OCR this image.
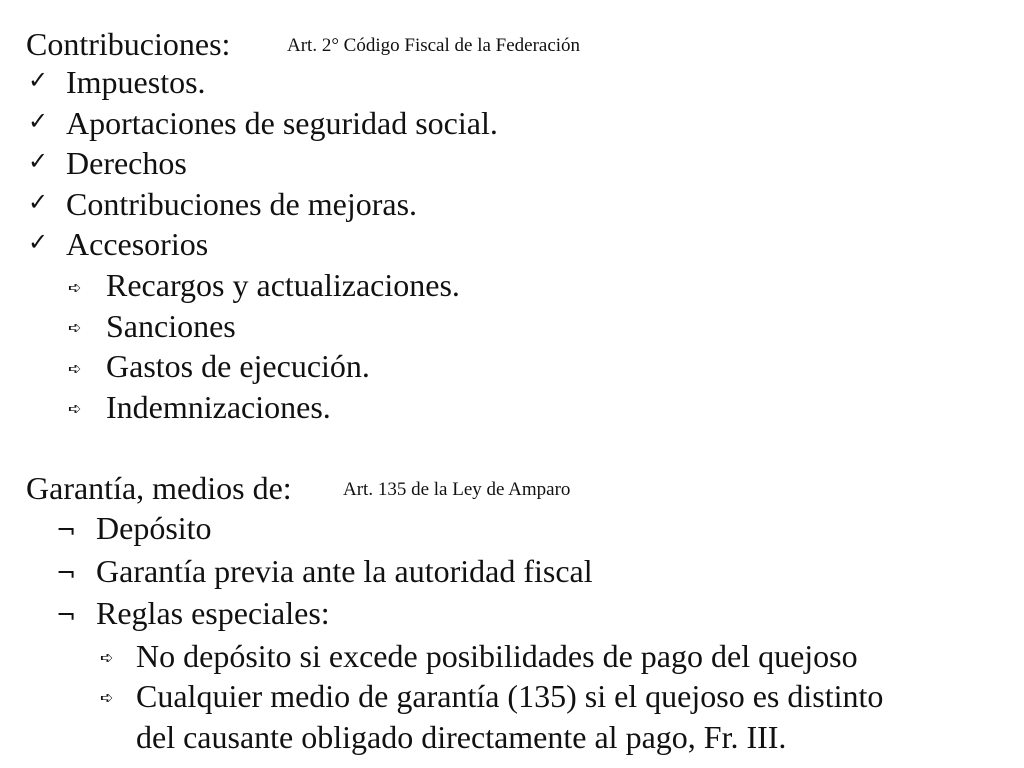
Contribuciones:	Art. 2° Código Fiscal de la Federación
✓ Impuestos.
✓ Aportaciones de seguridad social.
✓ Derechos
✓ Contribuciones de mejoras.
✓ Accesorios
➪ Recargos y actualizaciones.
➪ Sanciones
➪ Gastos de ejecución.
➪ Indemnizaciones.
Garantía, medios de:	Art. 135 de la Ley de Amparo
¬ Depósito
¬ Garantía previa ante la autoridad fiscal
¬ Reglas especiales:
➪ No depósito si excede posibilidades de pago del quejoso
➪ Cualquier medio de garantía (135) si el quejoso es distinto
del causante obligado directamente al pago, Fr. III.
